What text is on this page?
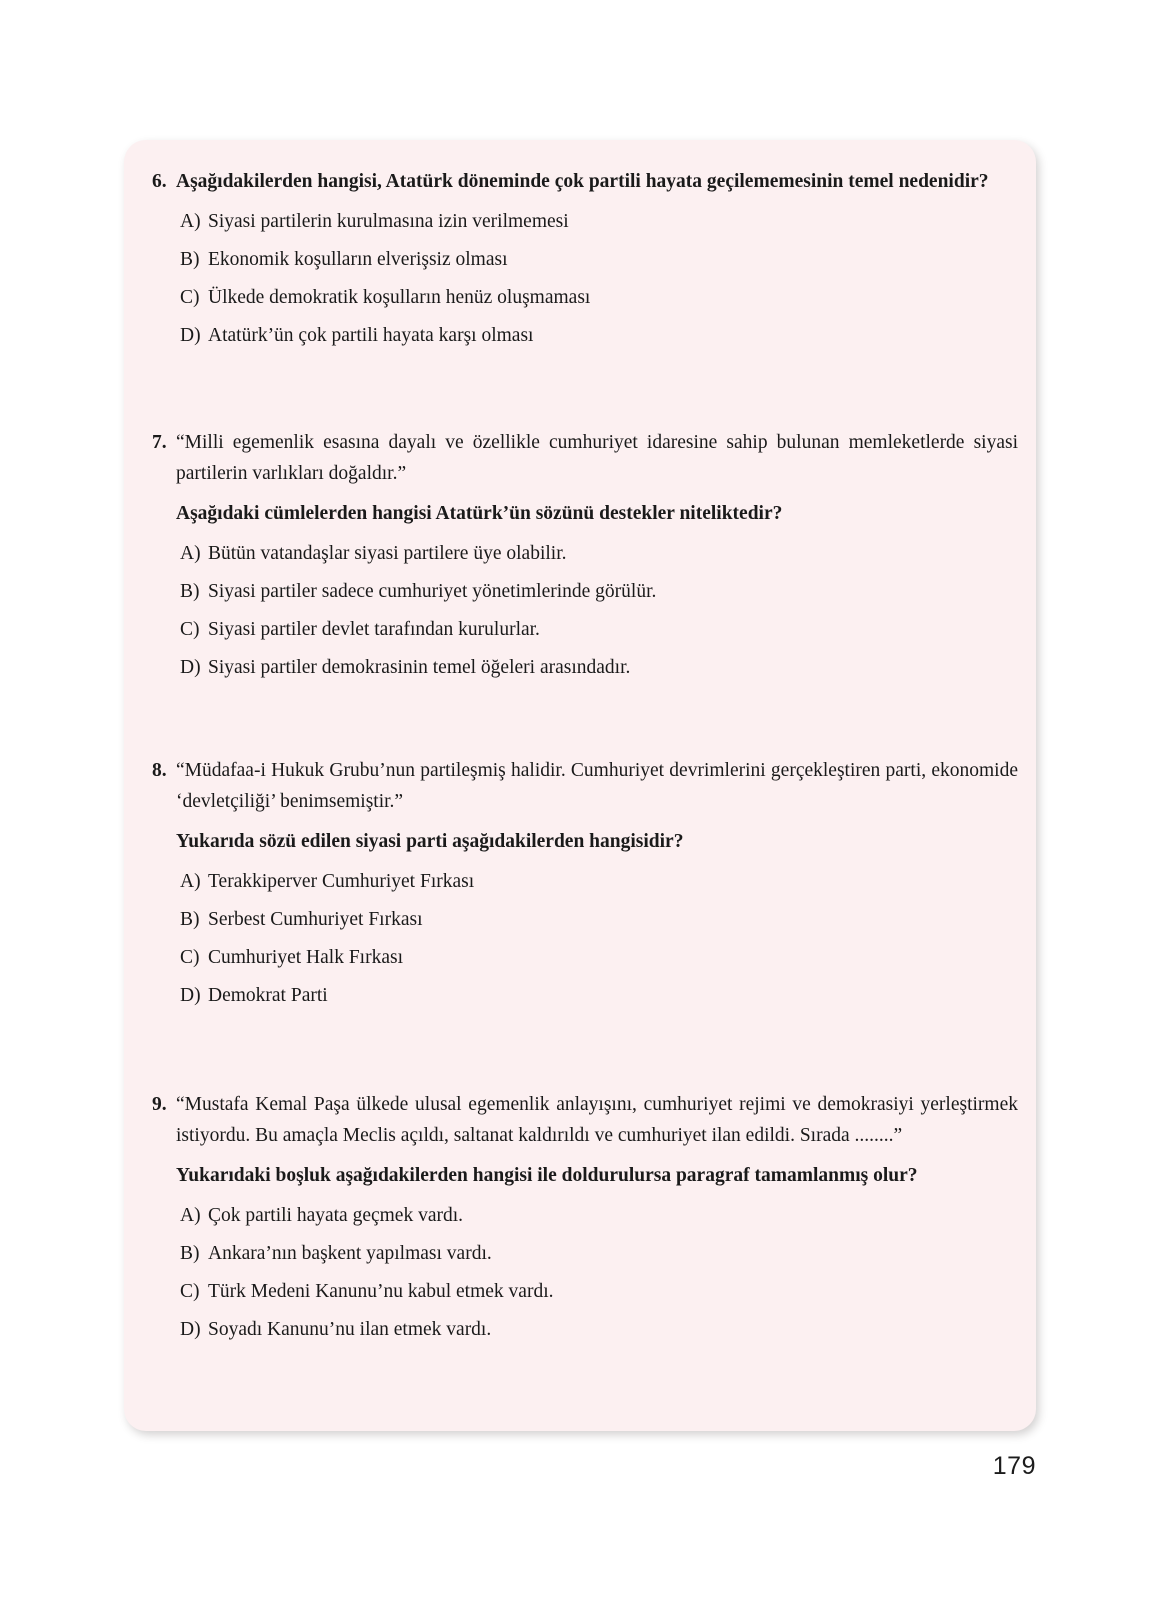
6. Aşağıdakilerden hangisi, Atatürk döneminde çok partili hayata geçilememesinin temel nedenidir?

A) Siyasi partilerin kurulmasına izin verilmemesi
B) Ekonomik koşulların elverişsiz olması
C) Ülkede demokratik koşulların henüz oluşmaması
D) Atatürk’ün çok partili hayata karşı olması
7. “Milli egemenlik esasına dayalı ve özellikle cumhuriyet idaresine sahip bulunan memleketlerde siyasi partilerin varlıkları doğaldır.”

Aşağıdaki cümlelerden hangisi Atatürk’ün sözünü destekler niteliktedir?

A) Bütün vatandaşlar siyasi partilere üye olabilir.
B) Siyasi partiler sadece cumhuriyet yönetimlerinde görülür.
C) Siyasi partiler devlet tarafından kurulurlar.
D) Siyasi partiler demokrasinin temel öğeleri arasındadır.
8. “Müdafaa-i Hukuk Grubu’nun partileşmiş halidir. Cumhuriyet devrimlerini gerçekleştiren parti, ekonomide ‘devletçiliği’ benimsemiştir.”

Yukarıda sözü edilen siyasi parti aşağıdakilerden hangisidir?

A) Terakkiperver Cumhuriyet Fırkası
B) Serbest Cumhuriyet Fırkası
C) Cumhuriyet Halk Fırkası
D) Demokrat Parti
9. “Mustafa Kemal Paşa ülkede ulusal egemenlik anlayışını, cumhuriyet rejimi ve demokrasiyi yerleştirmek istiyordu. Bu amaçla Meclis açıldı, saltanat kaldırıldı ve cumhuriyet ilan edildi. Sırada ........”

Yukarıdaki boşluk aşağıdakilerden hangisi ile doldurulursa paragraf tamamlanmış olur?

A) Çok partili hayata geçmek vardı.
B) Ankara’nın başkent yapılması vardı.
C) Türk Medeni Kanunu’nu kabul etmek vardı.
D) Soyadı Kanunu’nu ilan etmek vardı.
179
